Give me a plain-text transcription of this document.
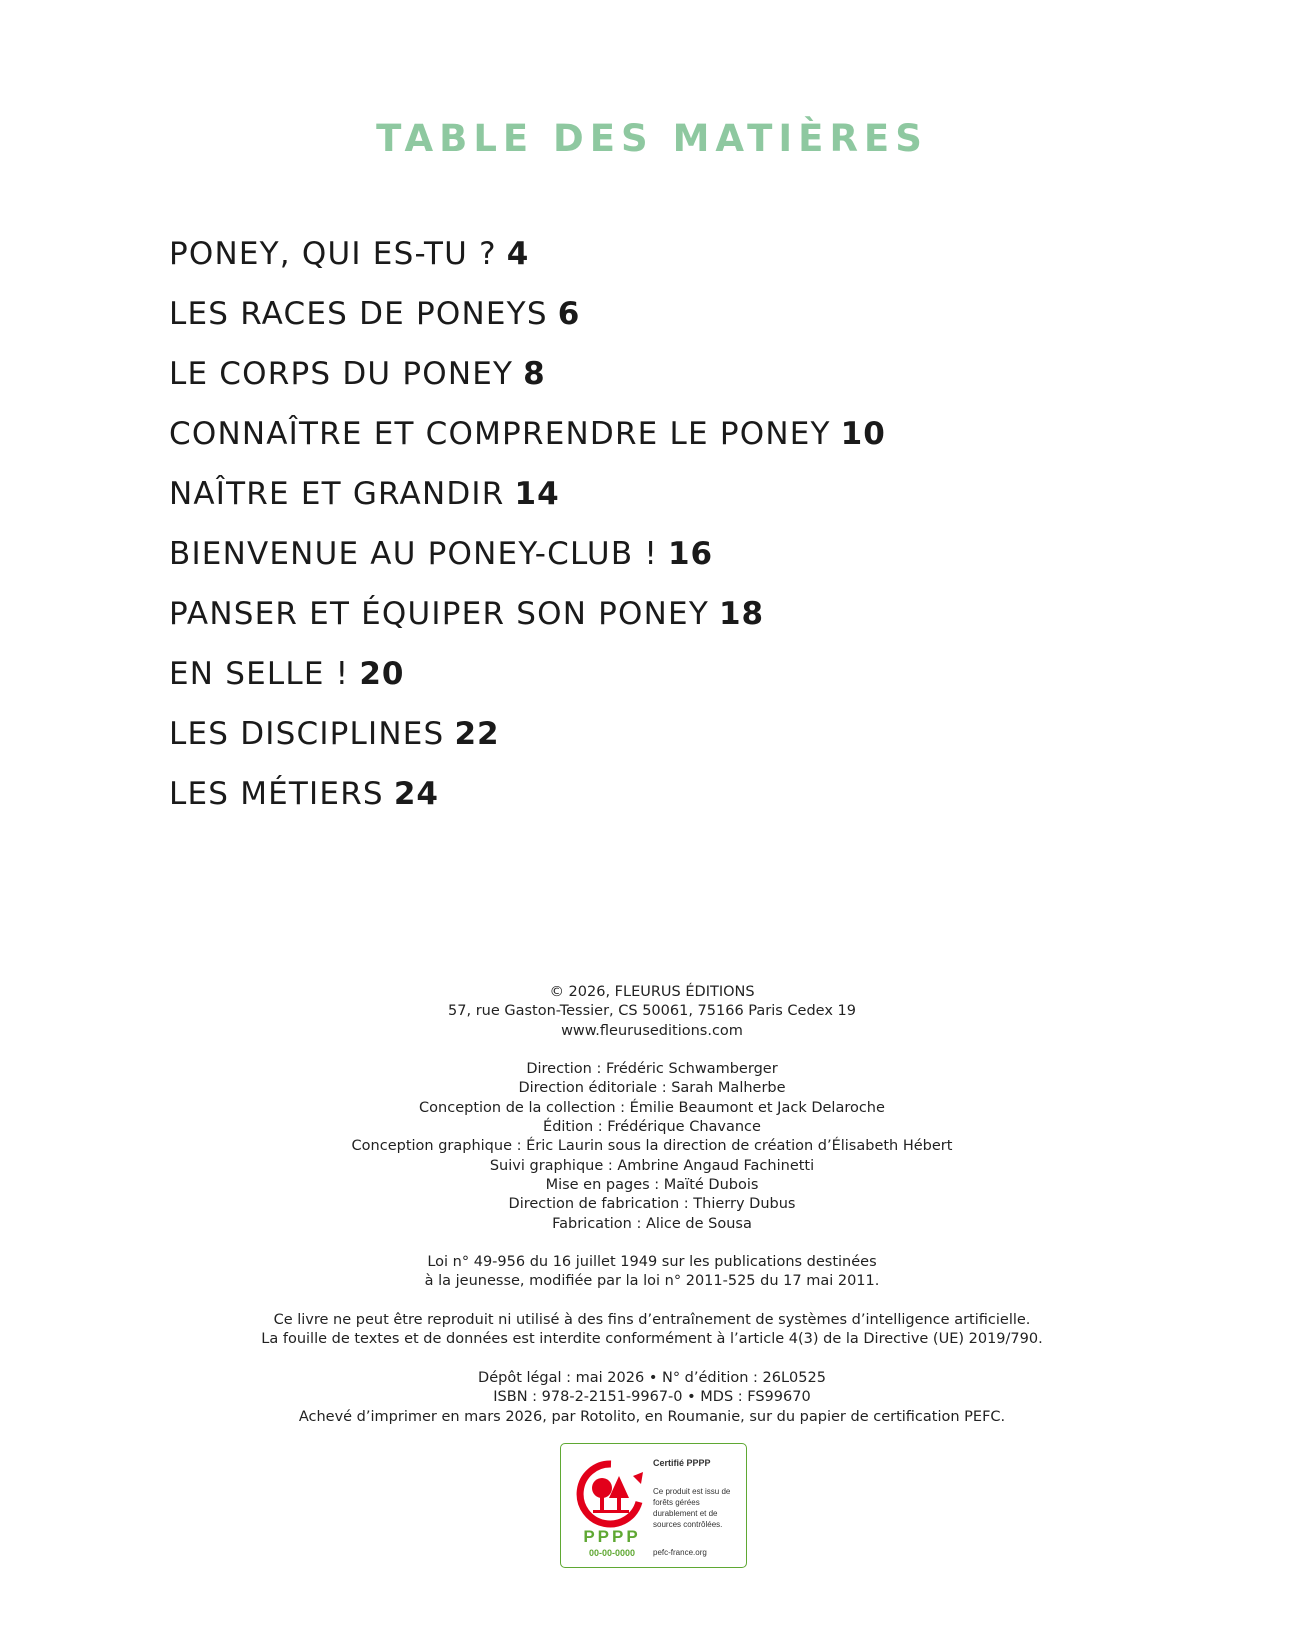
TABLE DES MATIÈRES
PONEY, QUI ES-TU ? 4
LES RACES DE PONEYS 6
LE CORPS DU PONEY 8
CONNAÎTRE ET COMPRENDRE LE PONEY 10
NAÎTRE ET GRANDIR 14
BIENVENUE AU PONEY-CLUB ! 16
PANSER ET ÉQUIPER SON PONEY 18
EN SELLE ! 20
LES DISCIPLINES 22
LES MÉTIERS 24
© 2026, FLEURUS ÉDITIONS
57, rue Gaston-Tessier, CS 50061, 75166 Paris Cedex 19
www.fleuruseditions.com
Direction : Frédéric Schwamberger
Direction éditoriale : Sarah Malherbe
Conception de la collection : Émilie Beaumont et Jack Delaroche
Édition : Frédérique Chavance
Conception graphique : Éric Laurin sous la direction de création d’Élisabeth Hébert
Suivi graphique : Ambrine Angaud Fachinetti
Mise en pages : Maïté Dubois
Direction de fabrication : Thierry Dubus
Fabrication : Alice de Sousa
Loi n° 49-956 du 16 juillet 1949 sur les publications destinées
à la jeunesse, modifiée par la loi n° 2011-525 du 17 mai 2011.
Ce livre ne peut être reproduit ni utilisé à des fins d’entraînement de systèmes d’intelligence artificielle.
La fouille de textes et de données est interdite conformément à l’article 4(3) de la Directive (UE) 2019/790.
Dépôt légal : mai 2026 • N° d’édition : 26L0525
ISBN : 978-2-2151-9967-0 • MDS : FS99670
Achevé d’imprimer en mars 2026, par Rotolito, en Roumanie, sur du papier de certification PEFC.
PPPP
00-00-0000
Certifié PPPP
Ce produit est issu de forêts gérées durablement et de sources contrôlées.
pefc-france.org
